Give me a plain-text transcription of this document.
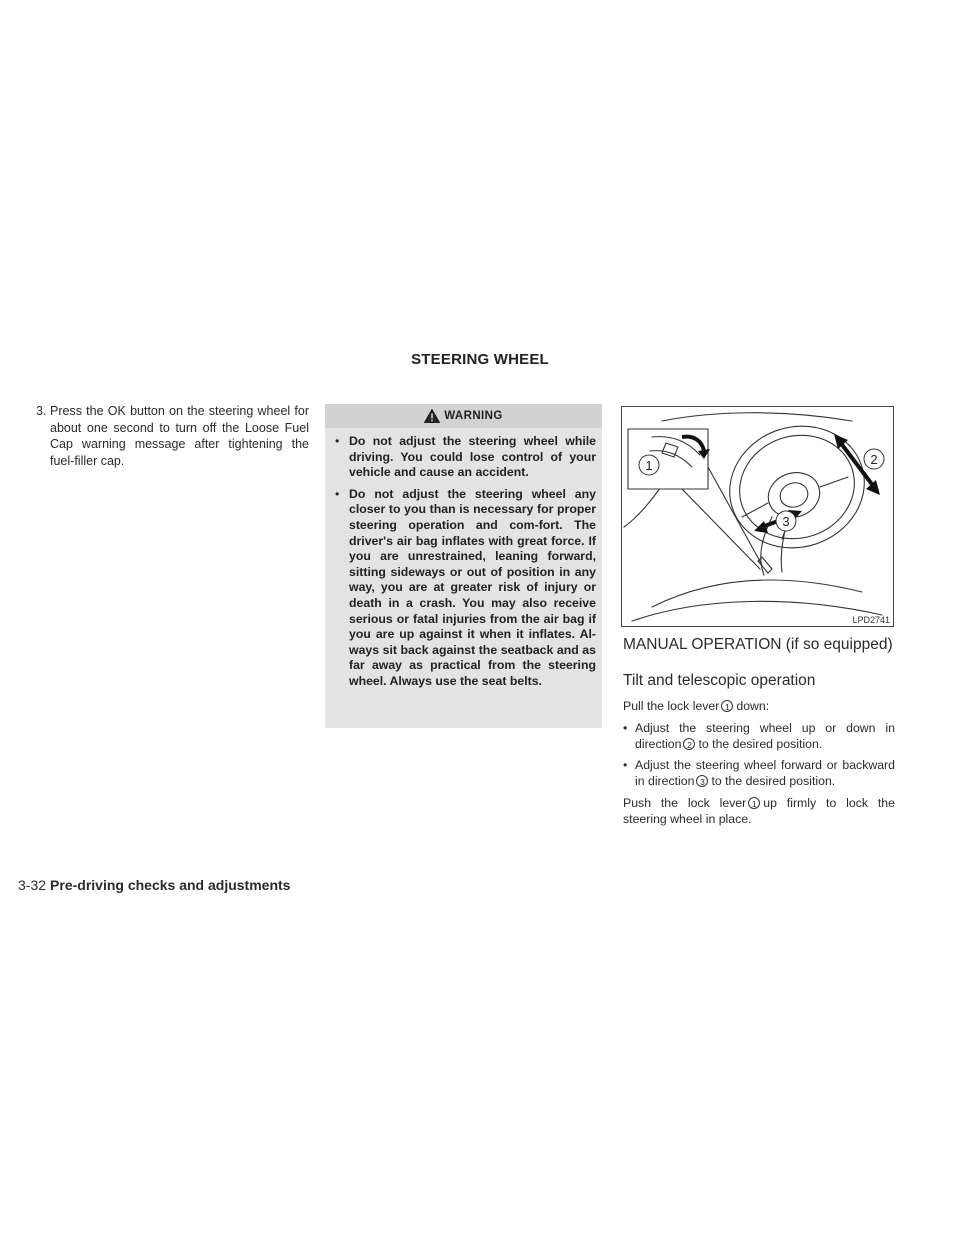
STEERING WHEEL
3. Press the OK button on the steering wheel for about one second to turn off the Loose Fuel Cap warning message after tightening the fuel-filler cap.
WARNING
• Do not adjust the steering wheel while driving. You could lose control of your vehicle and cause an accident.
• Do not adjust the steering wheel any closer to you than is necessary for proper steering operation and com-fort. The driver's air bag inflates with great force. If you are unrestrained, leaning forward, sitting sideways or out of position in any way, you are at greater risk of injury or death in a crash. You may also receive serious or fatal injuries from the air bag if you are up against it when it inflates. Al-ways sit back against the seatback and as far away as practical from the steering wheel. Always use the seat belts.
1	2
3
LPD2741
MANUAL OPERATION (if so equipped)
Tilt and telescopic operation

Pull the lock lever 1 down:

• Adjust the steering wheel up or down in direction 2 to the desired position.
• Adjust the steering wheel forward or backward in direction 3 to the desired position.

Push the lock lever 1 up firmly to lock the steering wheel in place.

3-32 Pre-driving checks and adjustments
